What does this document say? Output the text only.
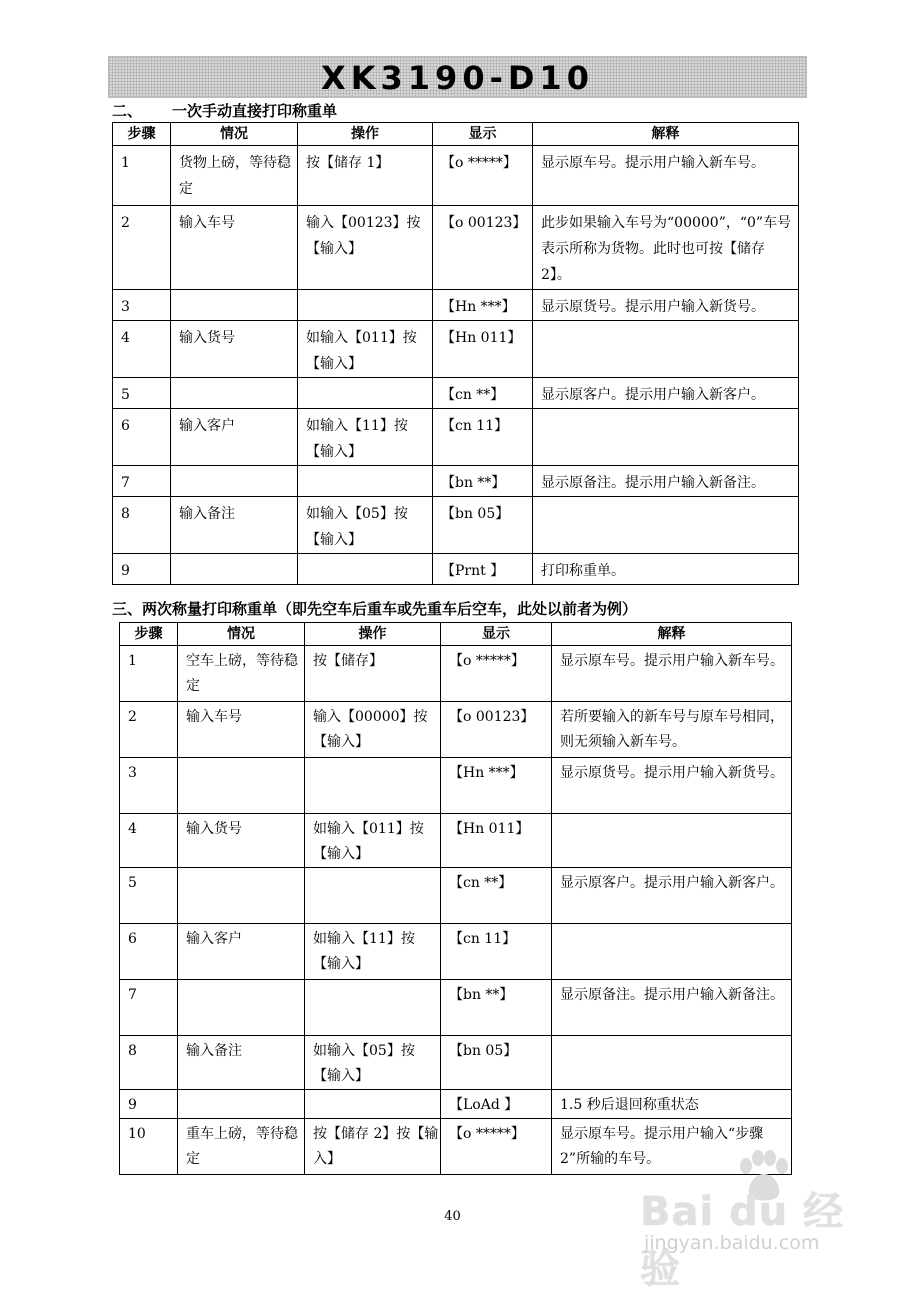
XK3190-D10
二、 一次手动直接打印称重单
步骤	情况	操作	显示	解释
1	货物上磅，等待稳定	按【储存 1】	【o *****】	显示原车号。提示用户输入新车号。
2	输入车号	输入【00123】按【输入】	【o 00123】	此步如果输入车号为“00000”，“0”车号表示所称为货物。此时也可按【储存 2】。
3			【Hn ***】	显示原货号。提示用户输入新货号。
4	输入货号	如输入【011】按【输入】	【Hn 011】	
5			【cn **】	显示原客户。提示用户输入新客户。
6	输入客户	如输入【11】按【输入】	【cn 11】	
7			【bn **】	显示原备注。提示用户输入新备注。
8	输入备注	如输入【05】按【输入】	【bn 05】	
9			【Prnt 】	打印称重单。
三、两次称量打印称重单（即先空车后重车或先重车后空车，此处以前者为例）
步骤	情况	操作	显示	解释
1	空车上磅，等待稳定	按【储存】	【o *****】	显示原车号。提示用户输入新车号。
2	输入车号	输入【00000】按【输入】	【o 00123】	若所要输入的新车号与原车号相同，则无须输入新车号。
3			【Hn ***】	显示原货号。提示用户输入新货号。
4	输入货号	如输入【011】按【输入】	【Hn 011】	
5			【cn **】	显示原客户。提示用户输入新客户。
6	输入客户	如输入【11】按【输入】	【cn 11】	
7			【bn **】	显示原备注。提示用户输入新备注。
8	输入备注	如输入【05】按【输入】	【bn 05】	
9			【LoAd 】	1.5 秒后退回称重状态
10	重车上磅，等待稳定	按【储存 2】按【输入】	【o *****】	显示原车号。提示用户输入“步骤 2”所输的车号。
40	Bai du 经验
jingyan.baidu.com
